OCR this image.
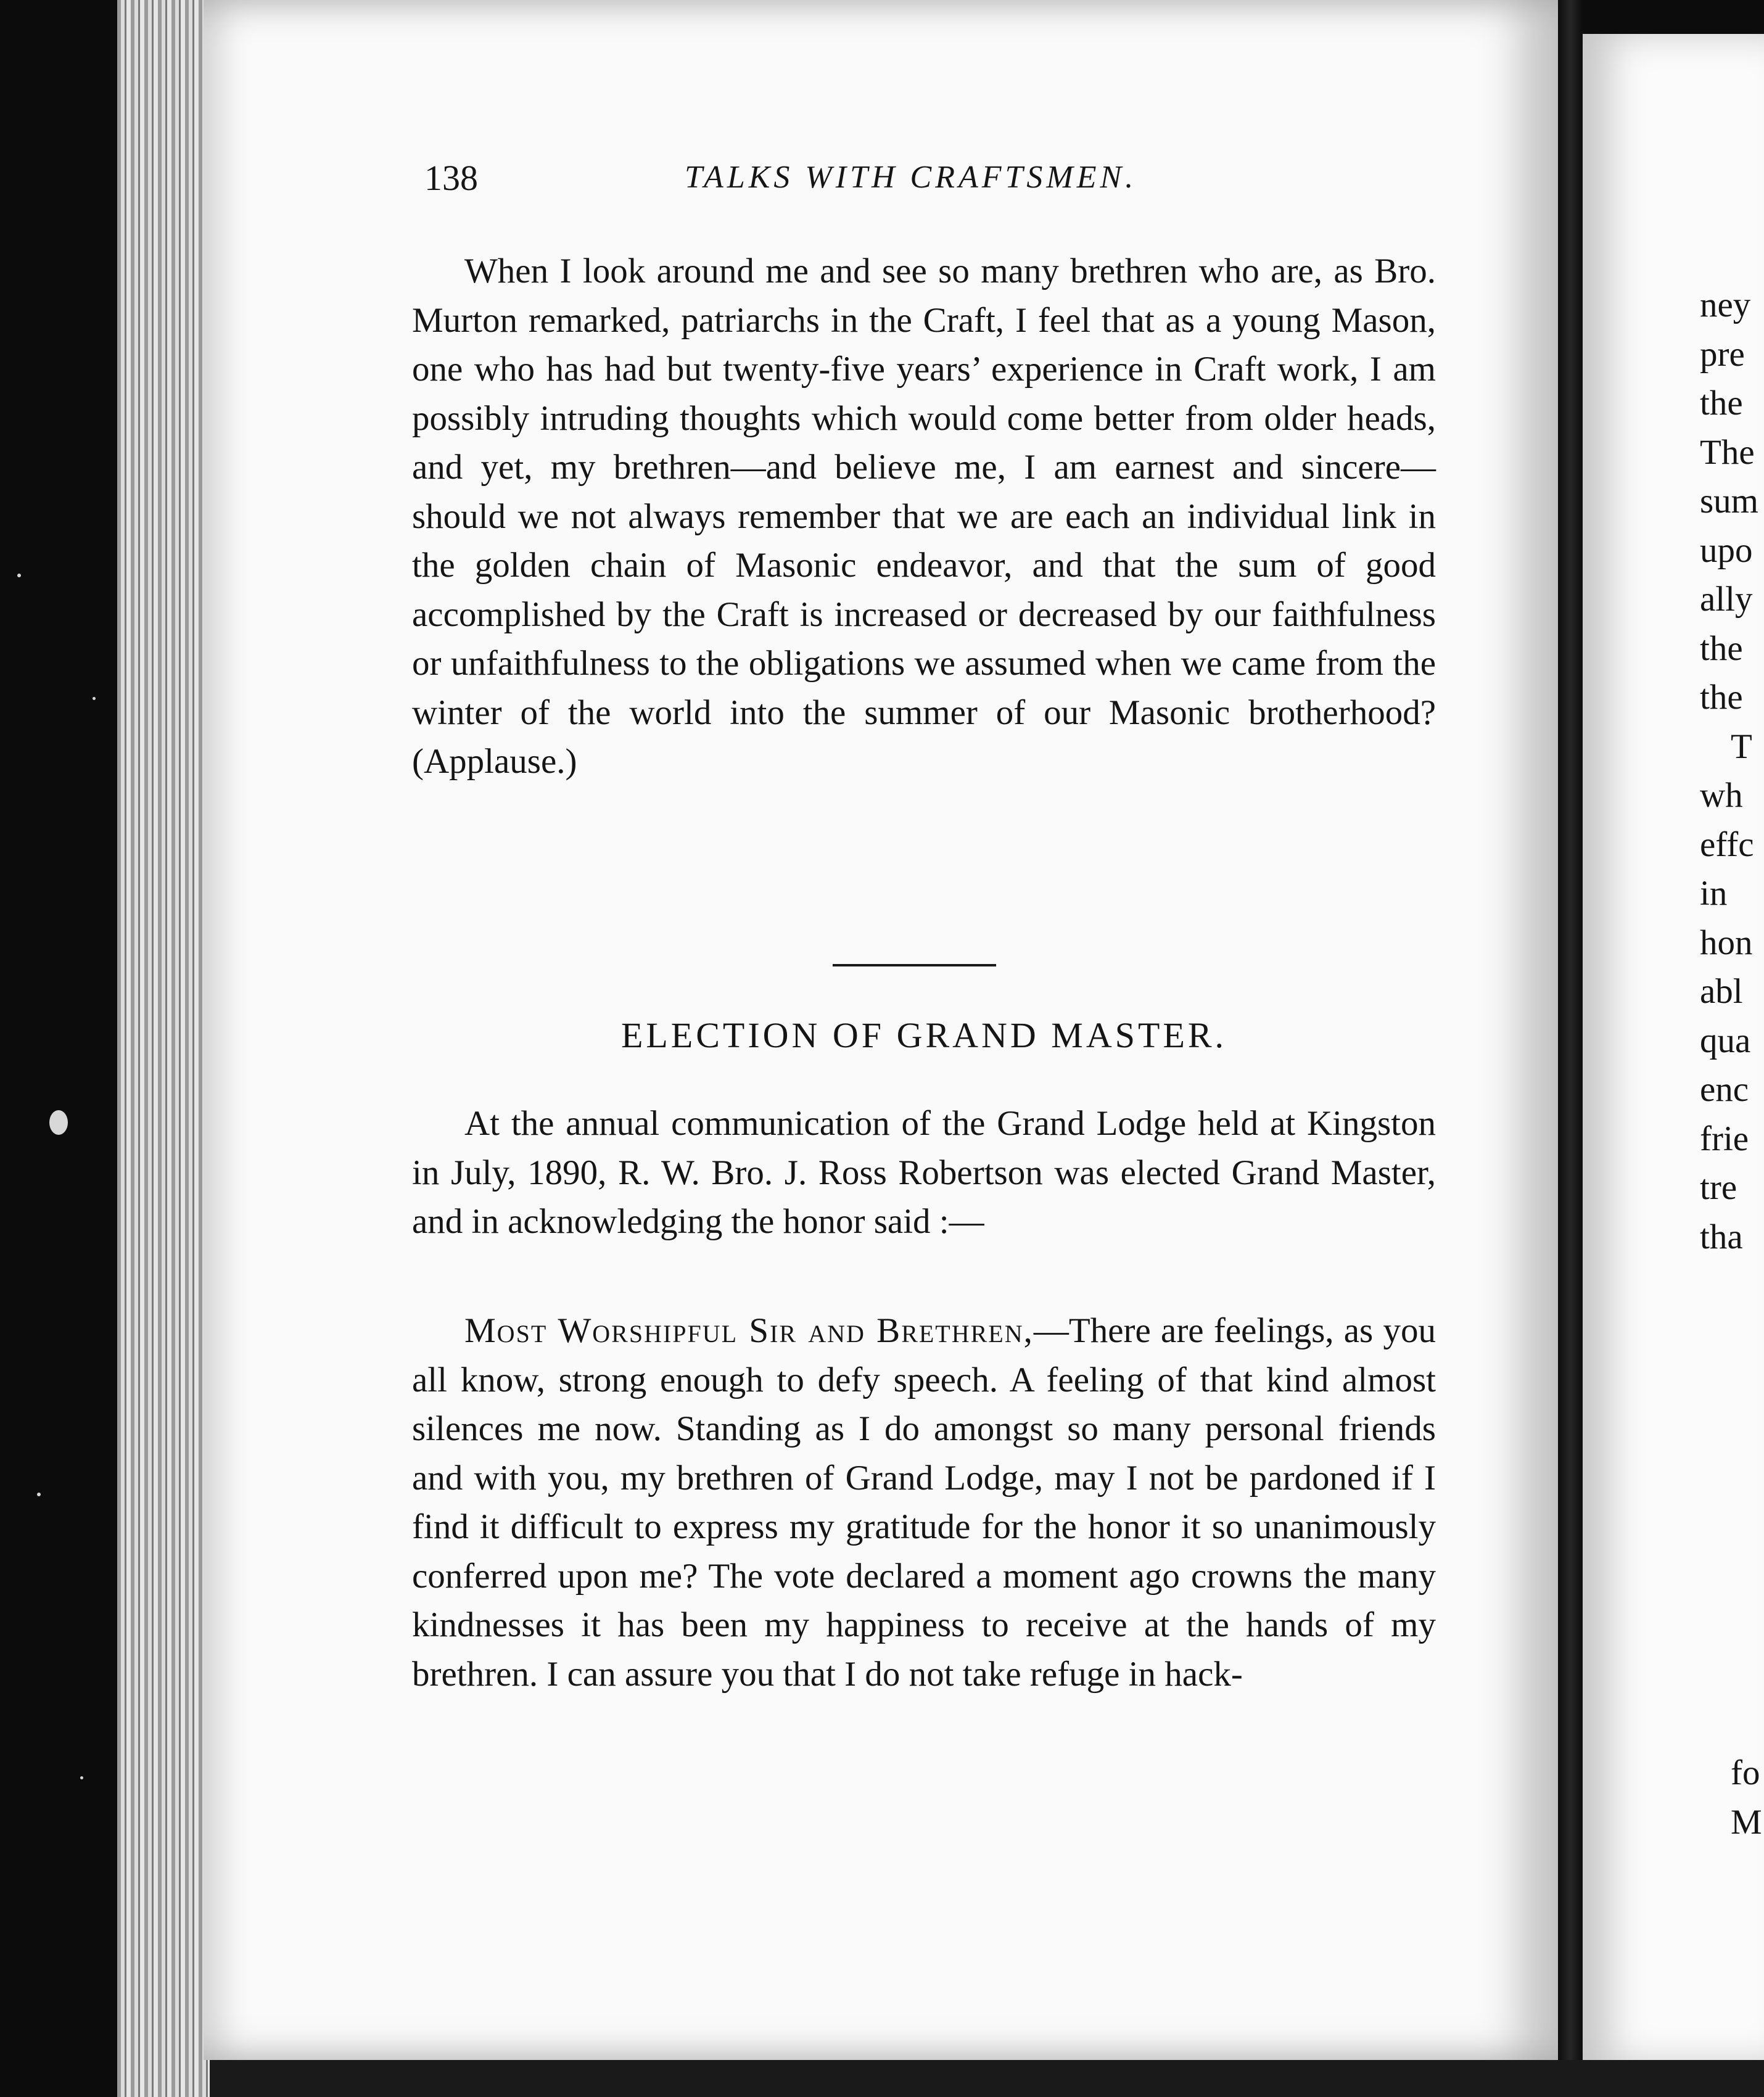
138	TALKS WITH CRAFTSMEN.

When I look around me and see so many brethren who are, as Bro. Murton remarked, patriarchs in the Craft, I feel that as a young Mason, one who has had but twenty-five years’ experience in Craft work, I am possibly intruding thoughts which would come better from older heads, and yet, my brethren—and believe me, I am earnest and sincere—should we not always remember that we are each an individual link in the golden chain of Masonic endeavor, and that the sum of good accomplished by the Craft is increased or decreased by our faithfulness or unfaithfulness to the obligations we assumed when we came from the winter of the world into the summer of our Masonic brotherhood? (Applause.)

ELECTION OF GRAND MASTER.

At the annual communication of the Grand Lodge held at Kingston in July, 1890, R. W. Bro. J. Ross Robertson was elected Grand Master, and in acknowledging the honor said :—

Most Worshipful Sir and Brethren,—There are feelings, as you all know, strong enough to defy speech. A feeling of that kind almost silences me now. Standing as I do amongst so many personal friends and with you, my brethren of Grand Lodge, may I not be pardoned if I find it difficult to express my gratitude for the honor it so unanimously conferred upon me? The vote declared a moment ago crowns the many kindnesses it has been my happiness to receive at the hands of my brethren. I can assure you that I do not take refuge in hack-

ney
pre
the
The
sum
upo
ally
the
the
T
wh
effc
in
hon
abl
qua
enc
frie
tre
tha
fo
M
